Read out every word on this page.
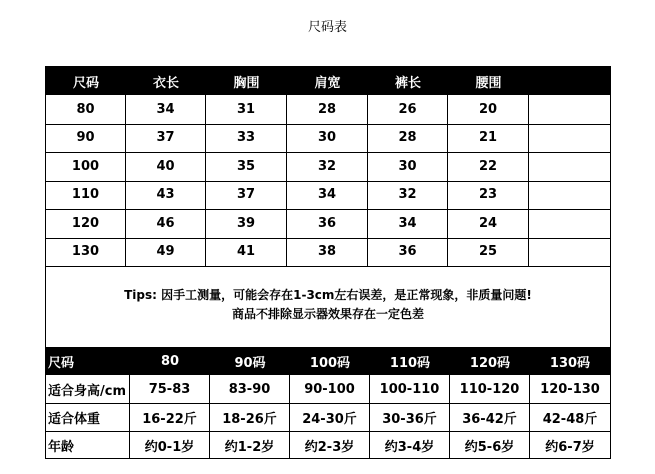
尺码表
尺码	衣长	胸围	肩宽	裤长	腰围
80	34	31	28	26	20
90	37	33	30	28	21
100	40	35	32	30	22
110	43	37	34	32	23
120	46	39	36	34	24
130	49	41	38	36	25
Tips: 因手工测量，可能会存在1-3cm左右误差，是正常现象，非质量问题!
商品不排除显示器效果存在一定色差
尺码	80	90码	100码	110码	120码	130码
适合身高/cm	75-83	83-90	90-100	100-110	110-120	120-130
适合体重	16-22斤	18-26斤	24-30斤	30-36斤	36-42斤	42-48斤
年龄	约0-1岁	约1-2岁	约2-3岁	约3-4岁	约5-6岁	约6-7岁
